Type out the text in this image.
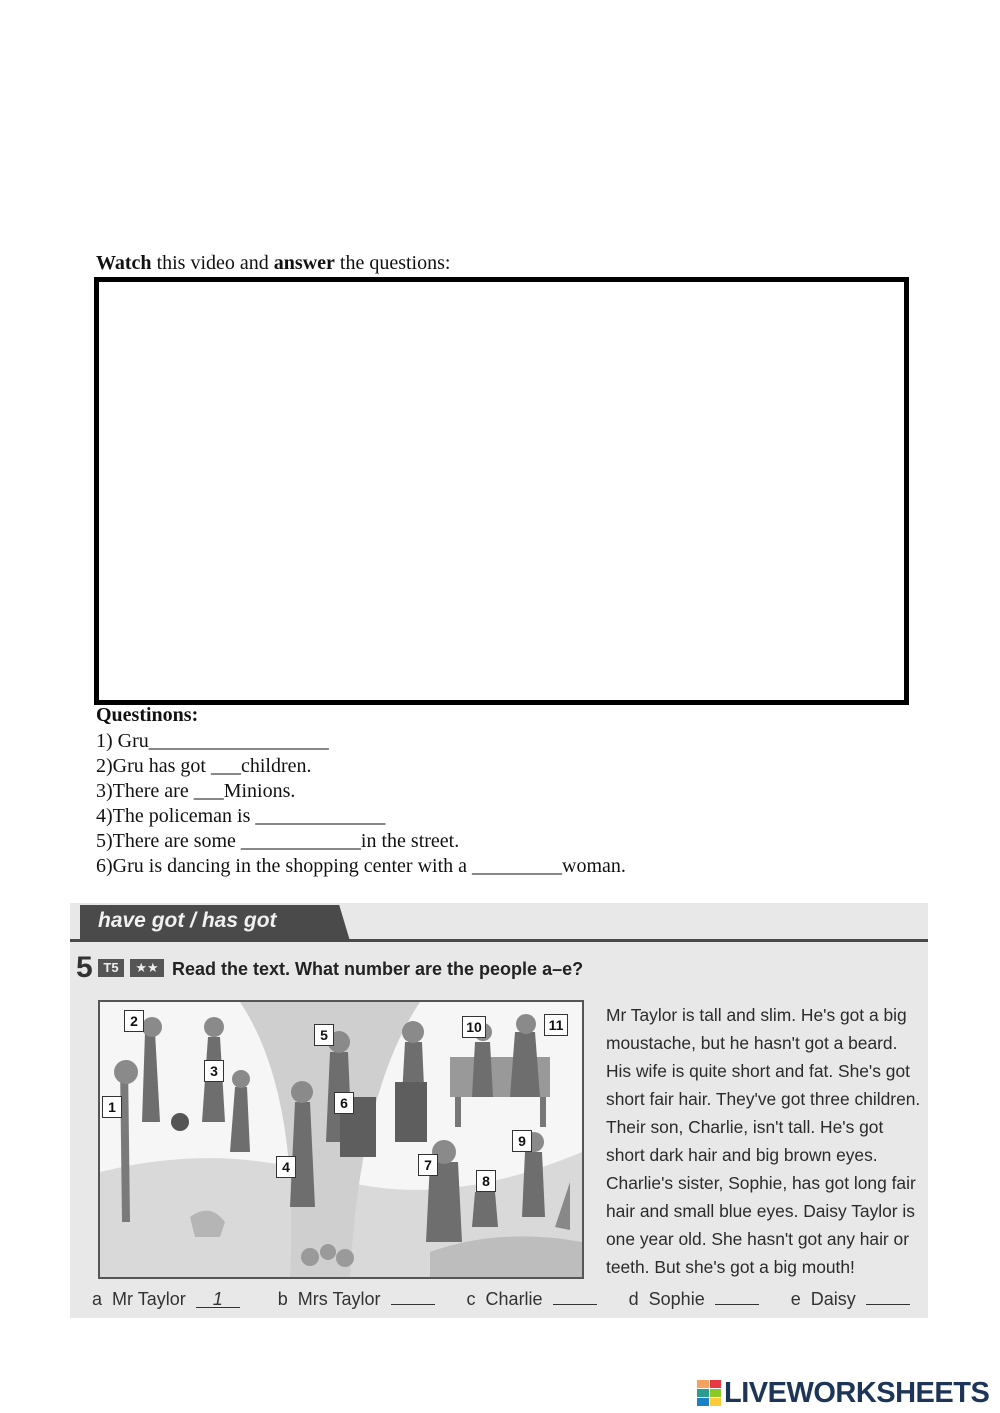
Watch this video and answer the questions:
Questinons:
1) Gru__________________
2)Gru has got ___children.
3)There are ___Minions.
4)The policeman is _____________
5)There are some ____________in the street.
6)Gru is dancing in the shopping center with a _________woman.
have got / has got
5 T5	★★ Read the text. What number are the people a–e?
1
2
3
4
5
6
7
8
9
10	11 Mr Taylor is tall and slim. He's got a big moustache, but he hasn't got a beard. His wife is quite short and fat. She's got short fair hair. They've got three children. Their son, Charlie, isn't tall. He's got short dark hair and big brown eyes. Charlie's sister, Sophie, has got long fair hair and small blue eyes. Daisy Taylor is one year old. She hasn't got any hair or teeth. But she's got a big mouth!
a Mr Taylor 1	b Mrs Taylor	c Charlie	d Sophie	e Daisy
LIVEWORKSHEETS
